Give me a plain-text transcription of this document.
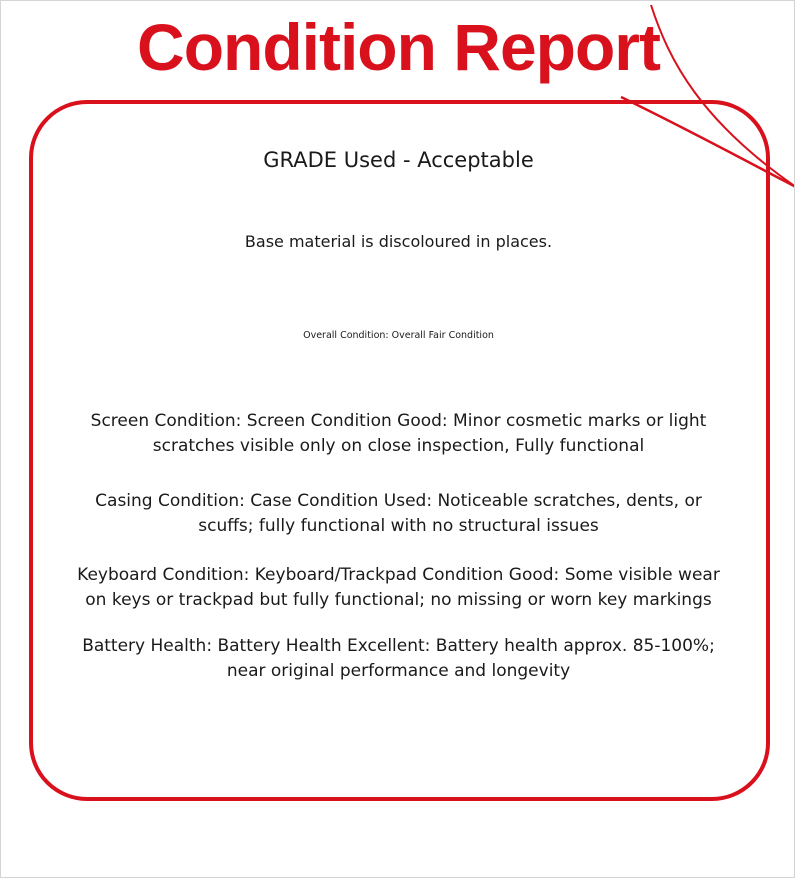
Condition Report

GRADE Used - Acceptable

Base material is discoloured in places.

Overall Condition: Overall Fair Condition

Screen Condition: Screen Condition Good: Minor cosmetic marks or light
scratches visible only on close inspection, Fully functional

Casing Condition: Case Condition Used: Noticeable scratches, dents, or
scuffs; fully functional with no structural issues

Keyboard Condition: Keyboard/Trackpad Condition Good: Some visible wear
on keys or trackpad but fully functional; no missing or worn key markings

Battery Health: Battery Health Excellent: Battery health approx. 85-100%;
near original performance and longevity
